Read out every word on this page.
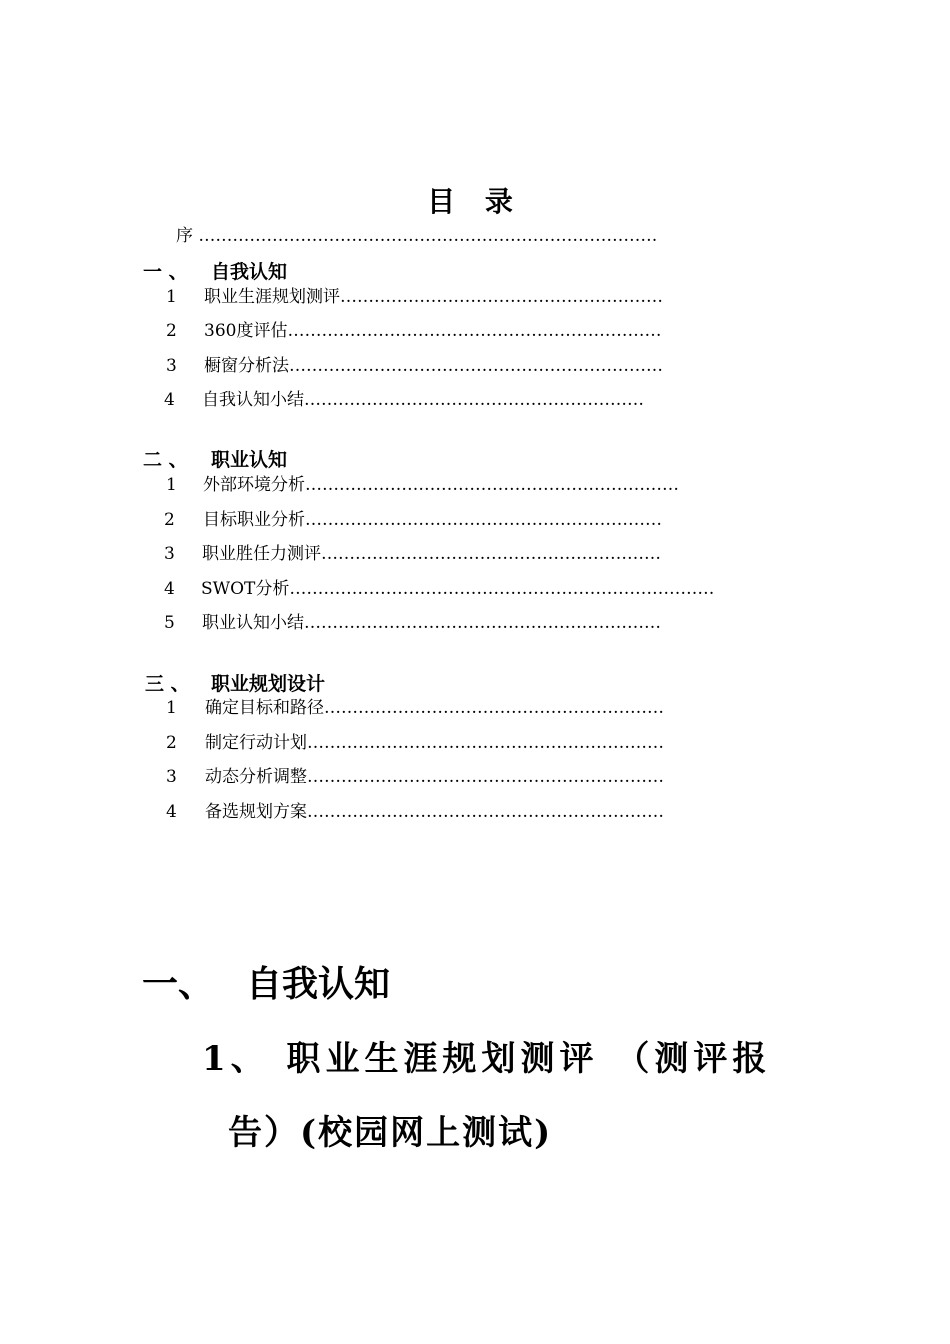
目 录
序 ………………………………………………………………………
一 、 自我认知
1 职业生涯规划测评…………………………………………………
2 360度评估…………………………………………………………
3 橱窗分析法…………………………………………………………
4 自我认知小结……………………………………………………
二 、 职业认知
1 外部环境分析…………………………………………………………
2 目标职业分析………………………………………………………
3 职业胜任力测评……………………………………………………
4 SWOT分析…………………………………………………………………
5 职业认知小结………………………………………………………
三 、 职业规划设计
1 确定目标和路径……………………………………………………
2 制定行动计划………………………………………………………
3 动态分析调整………………………………………………………
4 备选规划方案………………………………………………………
一、 自我认知
1、 职业生涯规划测评 （测评报
告）(校园网上测试)
